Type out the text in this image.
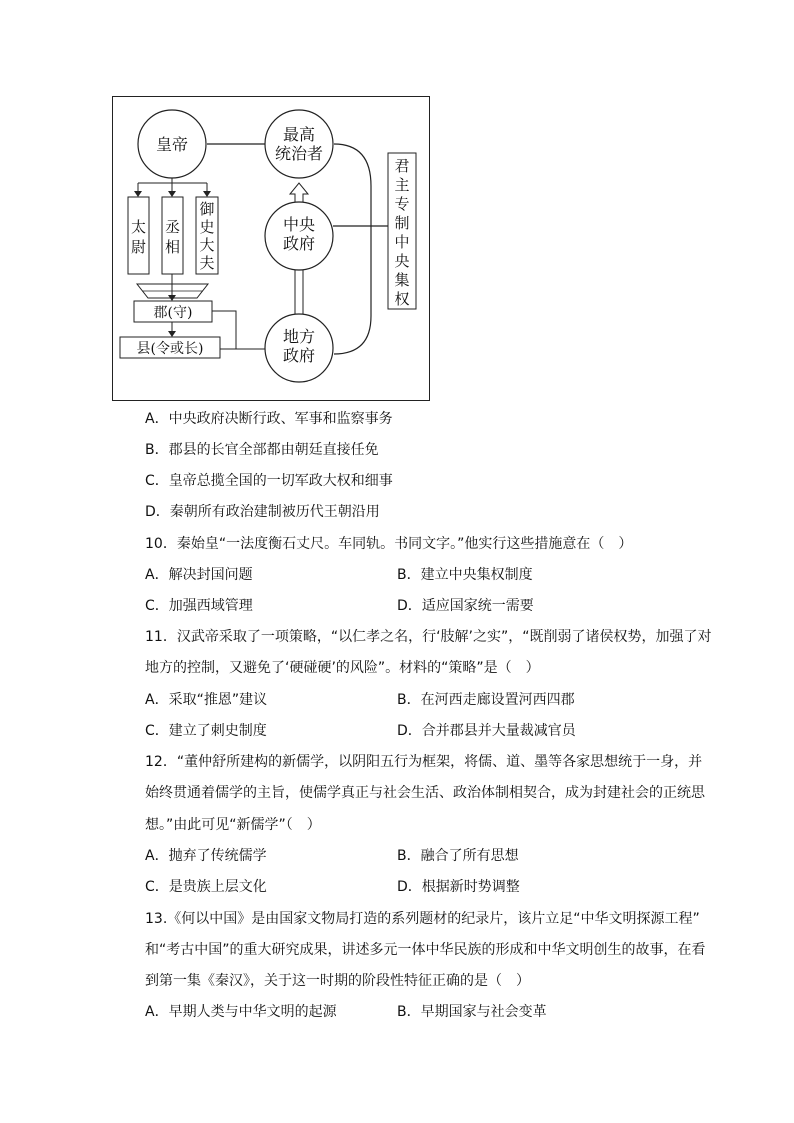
皇帝
最高
统治者
中央
政府
地方
政府
太
尉
丞
相
御
史
大
夫
郡(守)
县(令或长)
君
主
专
制
中
央
集
权
A．中央政府决断行政、军事和监察事务
B．郡县的长官全部都由朝廷直接任免
C．皇帝总揽全国的一切军政大权和细事
D．秦朝所有政治建制被历代王朝沿用
10．秦始皇“一法度衡石丈尺。车同轨。书同文字。”他实行这些措施意在（　）
A．解决封国问题	B．建立中央集权制度
C．加强西域管理	D．适应国家统一需要
11．汉武帝采取了一项策略，“以仁孝之名，行‘肢解’之实”，“既削弱了诸侯权势，加强了对
地方的控制，又避免了‘硬碰硬’的风险”。材料的“策略”是（　）
A．采取“推恩”建议	B．在河西走廊设置河西四郡
C．建立了刺史制度	D．合并郡县并大量裁减官员
12．“董仲舒所建构的新儒学，以阴阳五行为框架，将儒、道、墨等各家思想统于一身，并
始终贯通着儒学的主旨，使儒学真正与社会生活、政治体制相契合，成为封建社会的正统思
想。”由此可见“新儒学”（　）
A．抛弃了传统儒学	B．融合了所有思想
C．是贵族上层文化	D．根据新时势调整
13.《何以中国》是由国家文物局打造的系列题材的纪录片，该片立足“中华文明探源工程”
和“考古中国”的重大研究成果，讲述多元一体中华民族的形成和中华文明创生的故事，在看
到第一集《秦汉》，关于这一时期的阶段性特征正确的是（　）
A．早期人类与中华文明的起源	B．早期国家与社会变革
